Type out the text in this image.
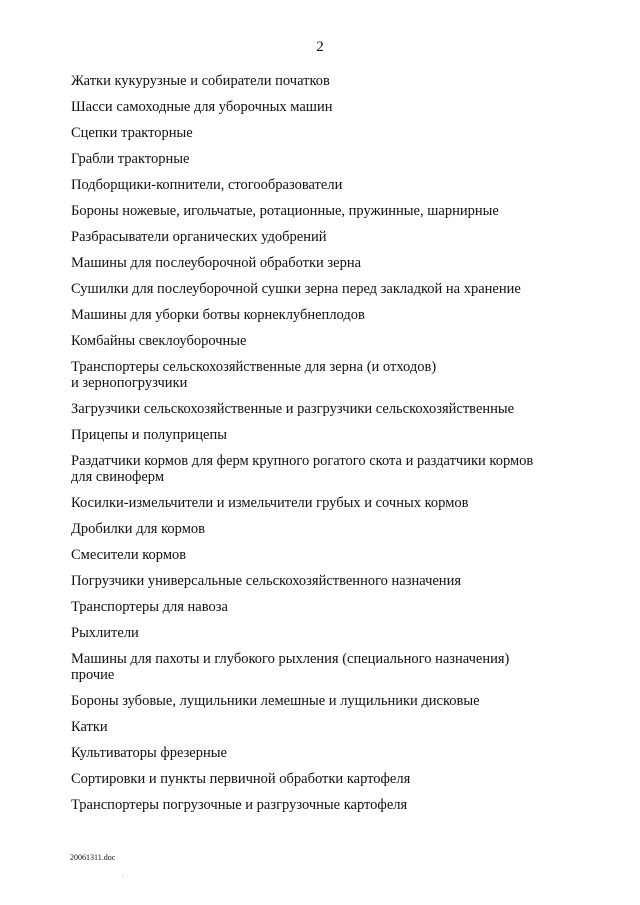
2
Жатки кукурузные и собиратели початков
Шасси самоходные для уборочных машин
Сцепки тракторные
Грабли тракторные
Подборщики-копнители, стогообразователи
Бороны ножевые, игольчатые, ротационные, пружинные, шарнирные
Разбрасыватели органических удобрений
Машины для послеуборочной обработки зерна
Сушилки для послеуборочной сушки зерна перед закладкой на хранение
Машины для уборки ботвы корнеклубнеплодов
Комбайны свеклоуборочные
Транспортеры сельскохозяйственные для зерна (и отходов)
и зернопогрузчики
Загрузчики сельскохозяйственные и разгрузчики сельскохозяйственные
Прицепы и полуприцепы
Раздатчики кормов для ферм крупного рогатого скота и раздатчики кормов
для свиноферм
Косилки-измельчители и измельчители грубых и сочных кормов
Дробилки для кормов
Смесители кормов
Погрузчики универсальные сельскохозяйственного назначения
Транспортеры для навоза
Рыхлители
Машины для пахоты и глубокого рыхления (специального назначения)
прочие
Бороны зубовые, лущильники лемешные и лущильники дисковые
Катки
Культиваторы фрезерные
Сортировки и пункты первичной обработки картофеля
Транспортеры погрузочные и разгрузочные картофеля
20061311.doc
